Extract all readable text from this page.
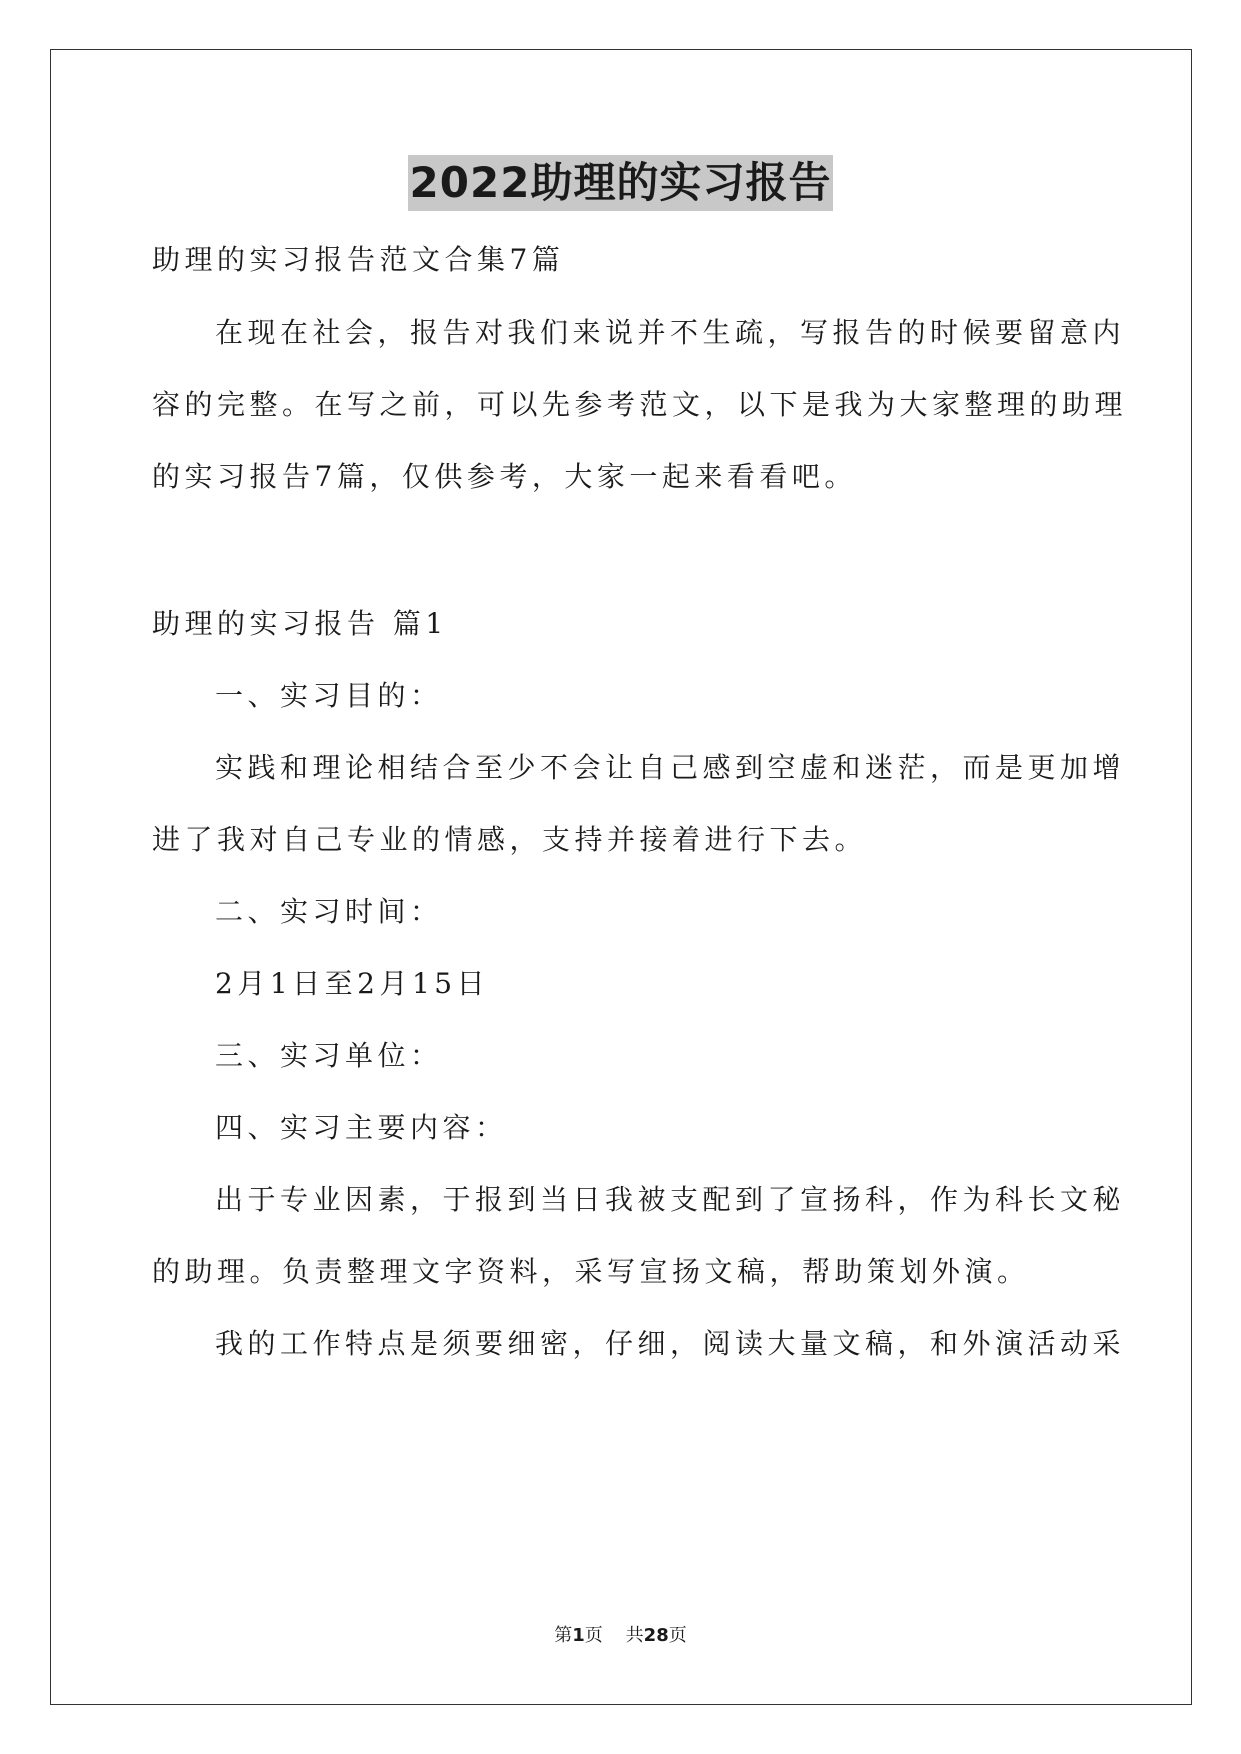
2022助理的实习报告
助理的实习报告范文合集7篇
在现在社会，报告对我们来说并不生疏，写报告的时候要留意内
容的完整。在写之前，可以先参考范文，以下是我为大家整理的助理
的实习报告7篇，仅供参考，大家一起来看看吧。
助理的实习报告 篇1
一、实习目的：
实践和理论相结合至少不会让自己感到空虚和迷茫，而是更加增
进了我对自己专业的情感，支持并接着进行下去。
二、实习时间：
2月1日至2月15日
三、实习单位：
四、实习主要内容：
出于专业因素，于报到当日我被支配到了宣扬科，作为科长文秘
的助理。负责整理文字资料，采写宣扬文稿，帮助策划外演。
我的工作特点是须要细密，仔细，阅读大量文稿，和外演活动采
第1页 共28页
